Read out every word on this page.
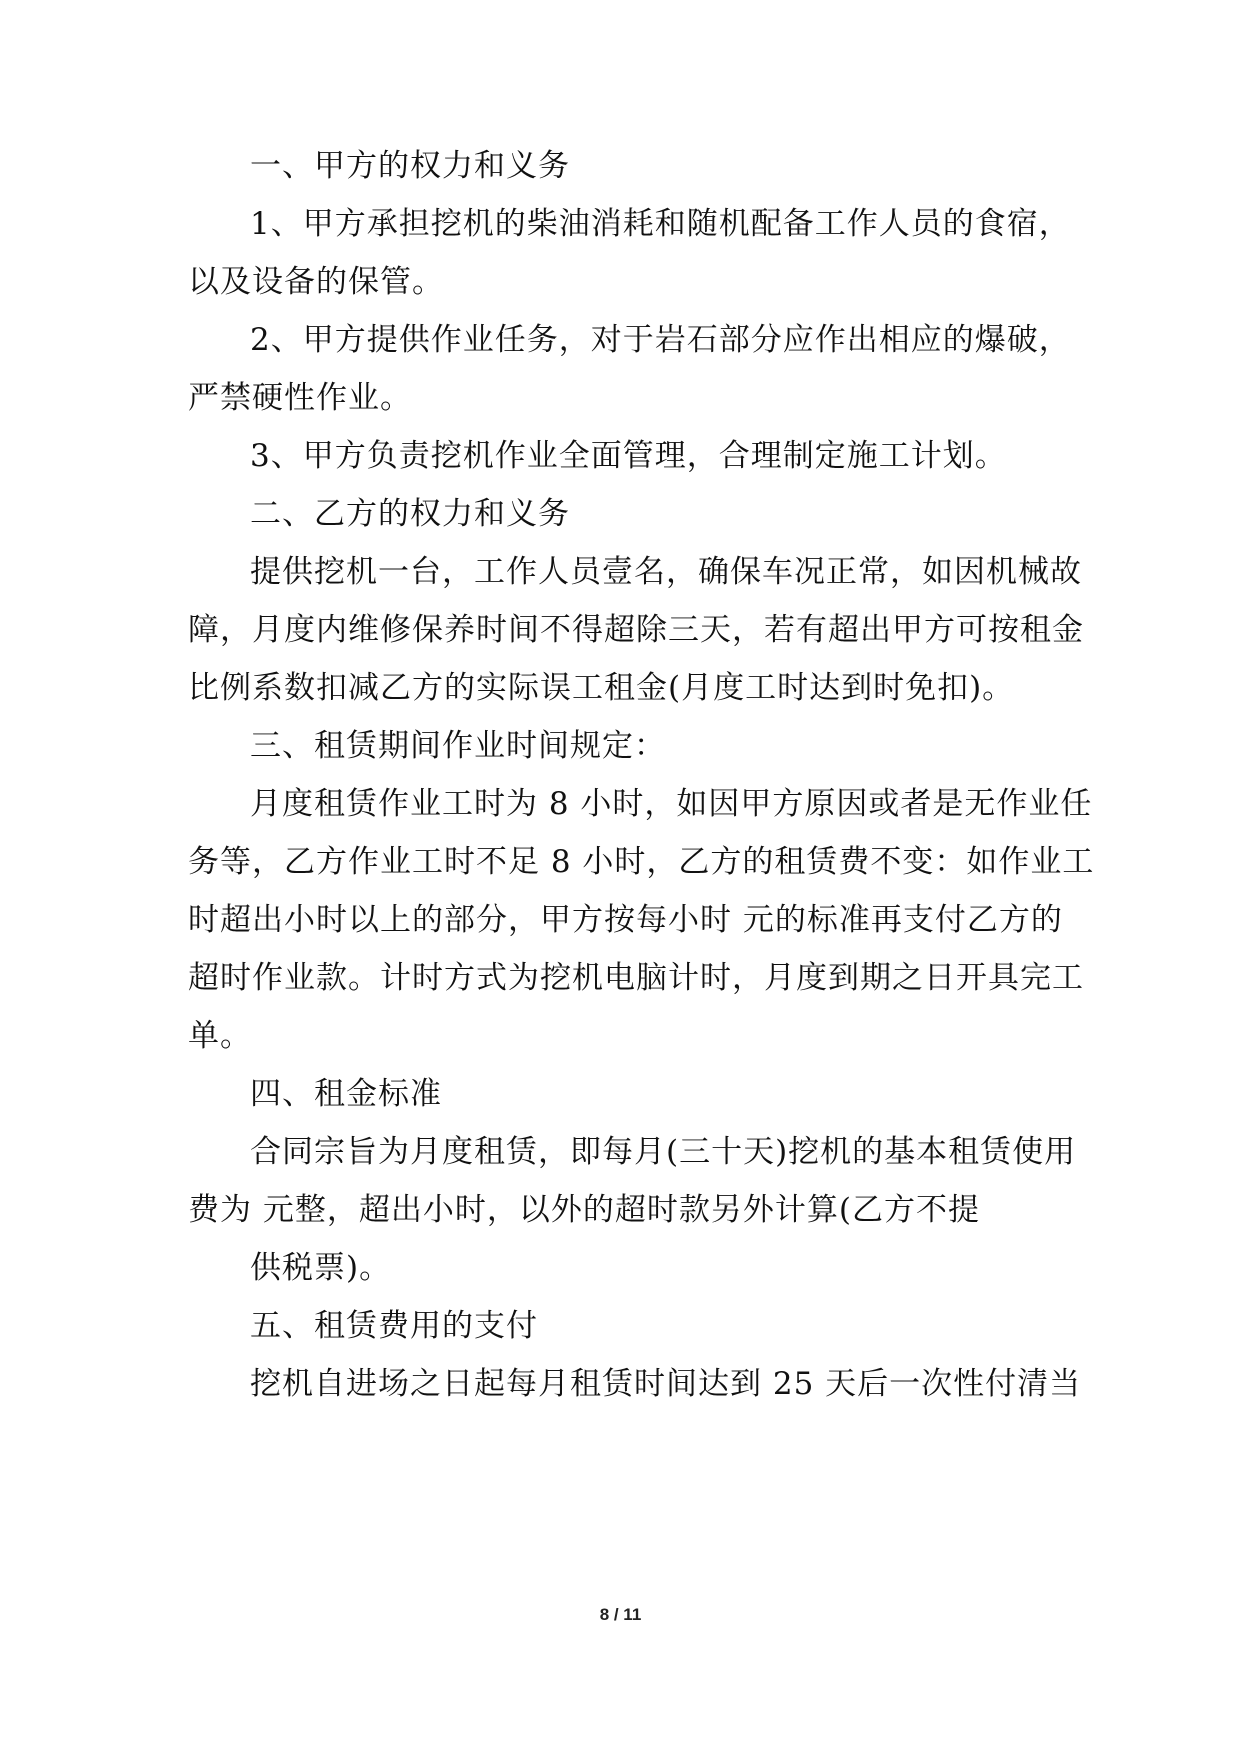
一、甲方的权力和义务
1、甲方承担挖机的柴油消耗和随机配备工作人员的食宿，
以及设备的保管。
2、甲方提供作业任务，对于岩石部分应作出相应的爆破，
严禁硬性作业。
3、甲方负责挖机作业全面管理，合理制定施工计划。
二、乙方的权力和义务
提供挖机一台，工作人员壹名，确保车况正常，如因机械故
障，月度内维修保养时间不得超除三天，若有超出甲方可按租金
比例系数扣减乙方的实际误工租金(月度工时达到时免扣)。
三、租赁期间作业时间规定：
月度租赁作业工时为 8 小时，如因甲方原因或者是无作业任
务等，乙方作业工时不足 8 小时，乙方的租赁费不变：如作业工
时超出小时以上的部分，甲方按每小时 元的标准再支付乙方的
超时作业款。计时方式为挖机电脑计时，月度到期之日开具完工
单。
四、租金标准
合同宗旨为月度租赁，即每月(三十天)挖机的基本租赁使用
费为 元整，超出小时，以外的超时款另外计算(乙方不提
供税票)。
五、租赁费用的支付
挖机自进场之日起每月租赁时间达到 25 天后一次性付清当
8 / 11
